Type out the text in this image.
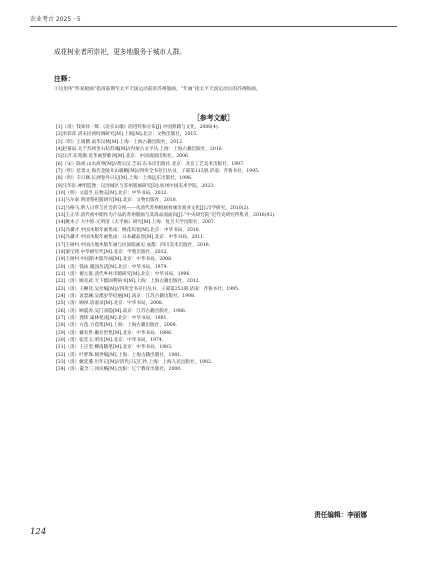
农业考古 2025 · 5
成花树业者所崇祀，更多地服务于城市人群。
注释：
①这里所“传家板画”指清前期至太平天国运动前的苏州版画，“年画”指太平天国运动后的苏州版画。
［参考文献］
[1]（清）钱知祥一辉.《北京山歌》的进传和分布[J].中国典籍与文化，2006(4).
[2]李彩萍.清末民初时调研究[M].上海[M].北京：文物出版社，2015.
[3]（明）王锡爵.南华汉林[M].上海：上海古籍出版社，2012.
[4]赵菊辰.关于苏州金石姑苏城[M]//内蒙古文字丛.上海：上海古籍出版社，2016.
[5]汪沂.东苑敬.花华画梦歌词[M].北京：中国戏剧出版社，2006.
[6]（宋）陈祖.山水故事[M]//黄宗汉.芝田.东书店出版社.北京：北京工艺美术出版社，1997.
[7]（明）范景文.海氏金陵开山辑略[M]//四库全书存目丛书，子部第112册.济南：齐鲁书社，1995.
[8]（明）辛日修.长洲卷外日记[M].上海：上海远东出版社，1996.
[9]马华轩.神明造像：汉河城区与苏州版画研究[D].杭州中国美术学院，2023.
[10]（明）文震亨.长物志[M].北京：中华书局，2012.
[11]马尔泰.明清祭祀版研究[M].北京：文物出版社，2018.
[12]马格马.明人日常与社会的交织——从清代苏州板画看城市商业文化[J].汉学研究，2010(2).
[13]王正华.清代初中期作为产品的苏州版画与其商品面面向[J].“中央研究院”近代史研究所集刊，2016(92).
[14]姚木子.大中原.元明清《太平画》研究[M].上海：复旦大学出版社，2007.
[15]冯骥才.中国木版年画集成：桃花坞卷[M].北京：中华书局，2010.
[16]冯骥才.中国木版年画集成：日本藏品卷[M].北京：中华书局，2011.
[17]王树村.中国古地木版年画与民间版画史.成都：四川美术出版社，2016.
[18]秦宝琦.中华板年代[M].北京：学苑出版社，2012.
[19]王树村.中国的木版年画[M].北京：中华书局，2008.
[20]（清）钱泳.履园丛话[M].北京：中华书局，1979.
[21]（清）谢元淮.清代乡村市镇研究[M].北京：中华书局，1996.
[22]（清）顾炎武.天下郡国利病书[M].上海：上海古籍出版社，2012.
[23]（清）王穉登.吴社编[M]//四库全书存目丛书，子部第253册.济南：齐鲁书社，1995.
[24]（清）袁景澜.吴郡岁华纪丽[M].南京：江苏古籍出版社，1998.
[25]（清）顾禄.清嘉录[M].北京：中华书局，2008.
[26]（清）顾震涛.吴门表隐[M].南京：江苏古籍出版社，1986.
[27]（清）龚炜.巢林笔谈[M].北京：中华书局，1981.
[28]（清）方苞.方苞集[M].上海：上海古籍出版社，2008.
[29]（清）戴名世.戴名世集[M].北京：中华书局，1986.
[30]（清）张廷玉.明史[M].北京：中华书局，1974.
[31]（清）王应奎.柳南随笔[M].北京：中华书局，1983.
[32]（清）叶梦珠.阅世编[M].上海：上海古籍出版社，1981.
[33]（清）姚廷遴.历年记[M]//清代日记汇抄.上海：上海人民出版社，1982.
[34]（清）董含.三冈识略[M].沈阳：辽宁教育出版社，2000.
责任编辑：李丽娜
124
